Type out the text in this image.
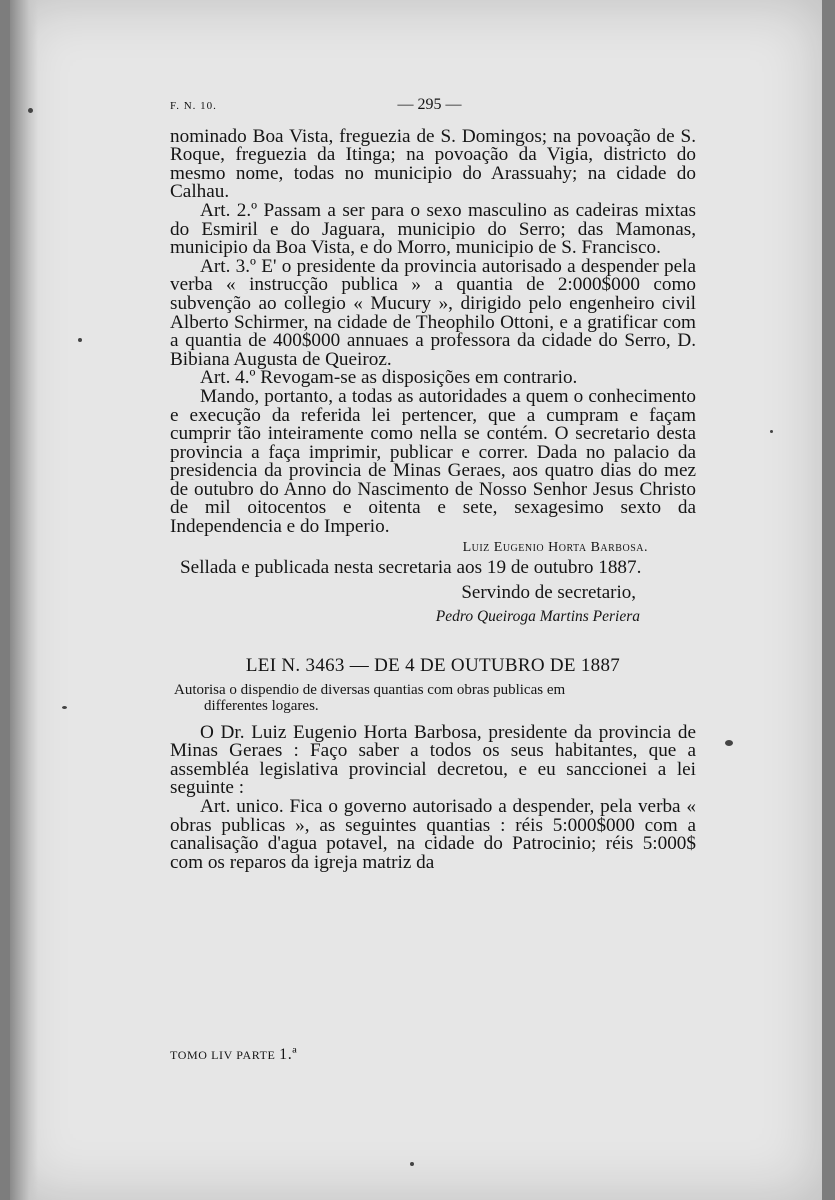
F. N. 10.	— 295 —

nominado Boa Vista, freguezia de S. Domingos; na povoação de S. Roque, freguezia da Itinga; na povoação da Vigia, districto do mesmo nome, todas no municipio do Arassuahy; na cidade do Calhau.

Art. 2.º Passam a ser para o sexo masculino as cadeiras mixtas do Esmiril e do Jaguara, municipio do Serro; das Mamonas, municipio da Boa Vista, e do Morro, municipio de S. Francisco.

Art. 3.º E' o presidente da provincia autorisado a despender pela verba « instrucção publica » a quantia de 2:000$000 como subvenção ao collegio « Mucury », dirigido pelo engenheiro civil Alberto Schirmer, na cidade de Theophilo Ottoni, e a gratificar com a quantia de 400$000 annuaes a professora da cidade do Serro, D. Bibiana Augusta de Queiroz.

Art. 4.º Revogam-se as disposições em contrario.

Mando, portanto, a todas as autoridades a quem o conhecimento e execução da referida lei pertencer, que a cumpram e façam cumprir tão inteiramente como nella se contém. O secretario desta provincia a faça imprimir, publicar e correr. Dada no palacio da presidencia da provincia de Minas Geraes, aos quatro dias do mez de outubro do Anno do Nascimento de Nosso Senhor Jesus Christo de mil oitocentos e oitenta e sete, sexagesimo sexto da Independencia e do Imperio.

Luiz Eugenio Horta Barbosa.

Sellada e publicada nesta secretaria aos 19 de outubro 1887.

Servindo de secretario,

Pedro Queiroga Martins Periera

LEI N. 3463 — DE 4 DE OUTUBRO DE 1887

Autorisa o dispendio de diversas quantias com obras publicas em
differentes logares.

O Dr. Luiz Eugenio Horta Barbosa, presidente da provincia de Minas Geraes : Faço saber a todos os seus habitantes, que a assembléa legislativa provincial decretou, e eu sanccionei a lei seguinte :

Art. unico. Fica o governo autorisado a despender, pela verba « obras publicas », as seguintes quantias : réis 5:000$000 com a canalisação d'agua potavel, na cidade do Patrocinio; réis 5:000$ com os reparos da igreja matriz da

TOMO LIV PARTE 1.ª
